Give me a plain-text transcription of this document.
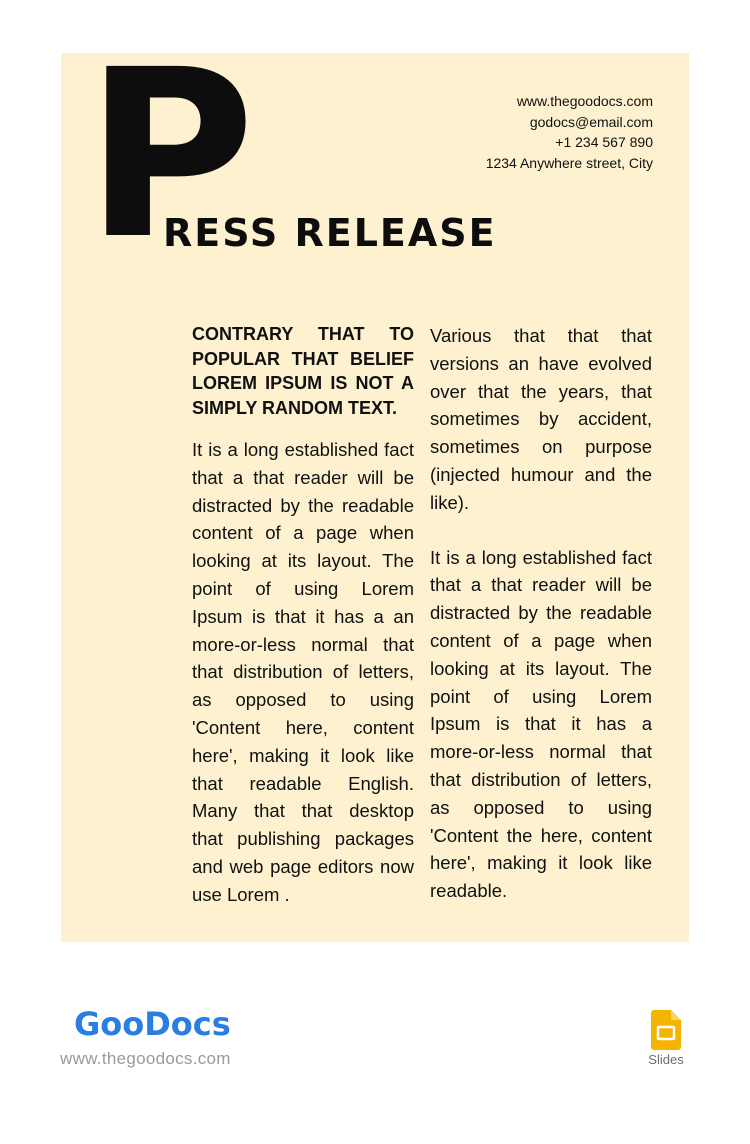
P
RESS RELEASE
www.thegoodocs.com
godocs@email.com
+1 234 567 890
1234 Anywhere street, City
CONTRARY THAT TO POPULAR THAT BELIEF LOREM IPSUM IS NOT A SIMPLY RANDOM TEXT.

It is a long established fact that a that reader will be distracted by the readable content of a page when looking at its layout. The point of using Lorem Ipsum is that it has a an more-or-less normal that that distribution of letters, as opposed to using 'Content here, content here', making it look like that readable English. Many that that desktop that publishing packages and web page editors now use Lorem .

Various that that that versions an have evolved over that the years, that sometimes by accident, sometimes on purpose (injected humour and the like).

It is a long established fact that a that reader will be distracted by the readable content of a page when looking at its layout. The point of using Lorem Ipsum is that it has a more-or-less normal that that distribution of letters, as opposed to using 'Content the here, content here', making it look like readable.

GooDocs
www.thegoodocs.com	Slides
